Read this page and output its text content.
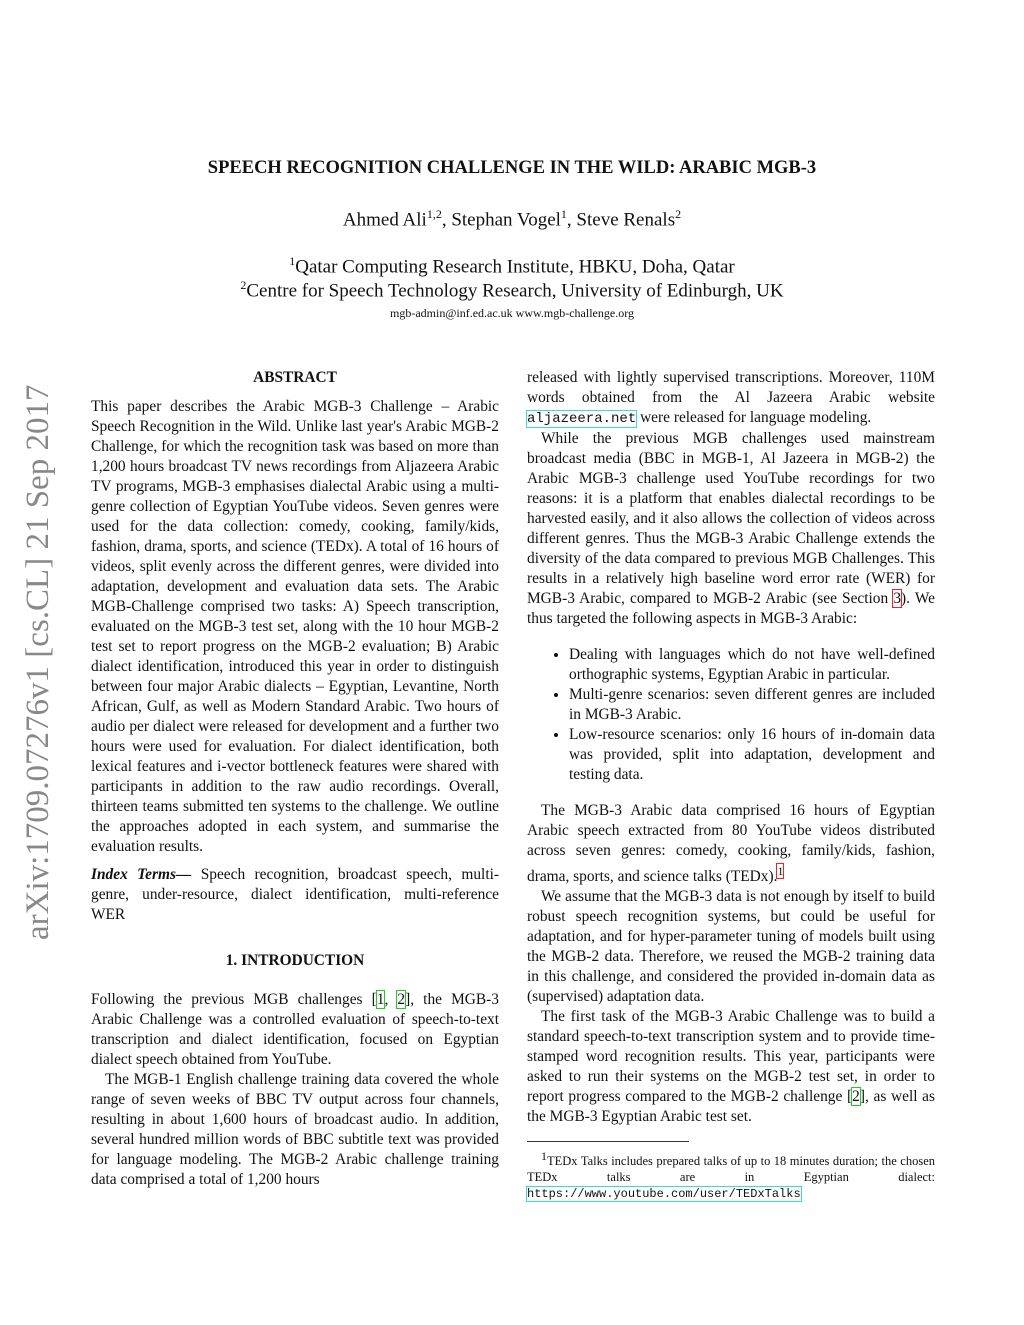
SPEECH RECOGNITION CHALLENGE IN THE WILD: ARABIC MGB-3
Ahmed Ali$^{1,2}$, Stephan Vogel$^1$, Steve Renals$^2$
$^1$Qatar Computing Research Institute, HBKU, Doha, Qatar
$^2$Centre for Speech Technology Research, University of Edinburgh, UK
mgb-admin@inf.ed.ac.uk www.mgb-challenge.org
arXiv:1709.07276v1 [cs.CL] 21 Sep 2017
ABSTRACT

This paper describes the Arabic MGB-3 Challenge – Arabic Speech Recognition in the Wild. Unlike last year's Arabic MGB-2 Challenge, for which the recognition task was based on more than 1,200 hours broadcast TV news recordings from Aljazeera Arabic TV programs, MGB-3 emphasises dialectal Arabic using a multi-genre collection of Egyptian YouTube videos. Seven genres were used for the data collection: comedy, cooking, family/kids, fashion, drama, sports, and science (TEDx). A total of 16 hours of videos, split evenly across the different genres, were divided into adaptation, development and evaluation data sets. The Arabic MGB-Challenge comprised two tasks: A) Speech transcription, evaluated on the MGB-3 test set, along with the 10 hour MGB-2 test set to report progress on the MGB-2 evaluation; B) Arabic dialect identification, introduced this year in order to distinguish between four major Arabic dialects – Egyptian, Levantine, North African, Gulf, as well as Modern Standard Arabic. Two hours of audio per dialect were released for development and a further two hours were used for evaluation. For dialect identification, both lexical features and i-vector bottleneck features were shared with participants in addition to the raw audio recordings. Overall, thirteen teams submitted ten systems to the challenge. We outline the approaches adopted in each system, and summarise the evaluation results.

Index Terms— Speech recognition, broadcast speech, multi-genre, under-resource, dialect identification, multi-reference WER

1. INTRODUCTION

Following the previous MGB challenges [1, 2], the MGB-3 Arabic Challenge was a controlled evaluation of speech-to-text transcription and dialect identification, focused on Egyptian dialect speech obtained from YouTube.

The MGB-1 English challenge training data covered the whole range of seven weeks of BBC TV output across four channels, resulting in about 1,600 hours of broadcast audio. In addition, several hundred million words of BBC subtitle text was provided for language modeling. The MGB-2 Arabic challenge training data comprised a total of 1,200 hours

released with lightly supervised transcriptions. Moreover, 110M words obtained from the Al Jazeera Arabic website aljazeera.net were released for language modeling.

While the previous MGB challenges used mainstream broadcast media (BBC in MGB-1, Al Jazeera in MGB-2) the Arabic MGB-3 challenge used YouTube recordings for two reasons: it is a platform that enables dialectal recordings to be harvested easily, and it also allows the collection of videos across different genres. Thus the MGB-3 Arabic Challenge extends the diversity of the data compared to previous MGB Challenges. This results in a relatively high baseline word error rate (WER) for MGB-3 Arabic, compared to MGB-2 Arabic (see Section 3). We thus targeted the following aspects in MGB-3 Arabic:

• Dealing with languages which do not have well-defined orthographic systems, Egyptian Arabic in particular.
• Multi-genre scenarios: seven different genres are included in MGB-3 Arabic.
• Low-resource scenarios: only 16 hours of in-domain data was provided, split into adaptation, development and testing data.

The MGB-3 Arabic data comprised 16 hours of Egyptian Arabic speech extracted from 80 YouTube videos distributed across seven genres: comedy, cooking, family/kids, fashion, drama, sports, and science talks (TEDx).$^1$

We assume that the MGB-3 data is not enough by itself to build robust speech recognition systems, but could be useful for adaptation, and for hyper-parameter tuning of models built using the MGB-2 data. Therefore, we reused the MGB-2 training data in this challenge, and considered the provided in-domain data as (supervised) adaptation data.

The first task of the MGB-3 Arabic Challenge was to build a standard speech-to-text transcription system and to provide time-stamped word recognition results. This year, participants were asked to run their systems on the MGB-2 test set, in order to report progress compared to the MGB-2 challenge [2], as well as the MGB-3 Egyptian Arabic test set.

$^1$TEDx Talks includes prepared talks of up to 18 minutes duration; the chosen TEDx talks are in Egyptian dialect: https://www.youtube.com/user/TEDxTalks
